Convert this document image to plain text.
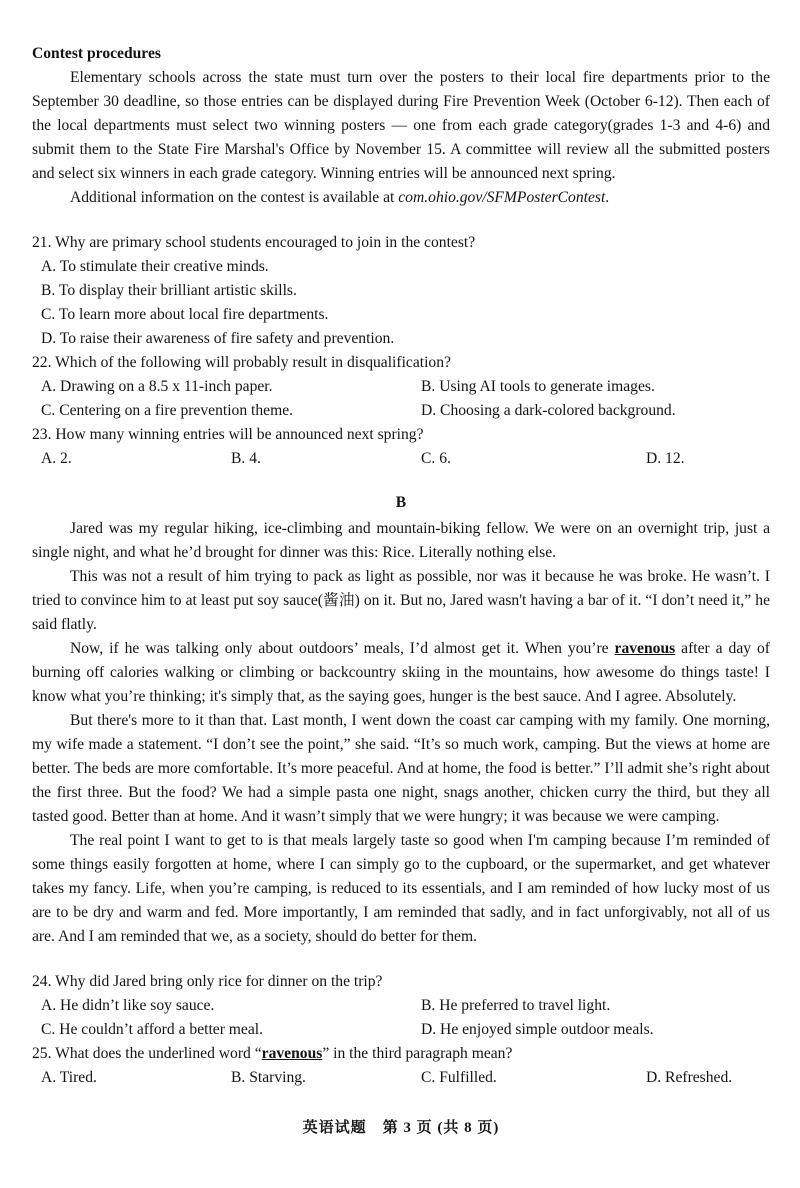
Contest procedures

Elementary schools across the state must turn over the posters to their local fire departments prior to the September 30 deadline, so those entries can be displayed during Fire Prevention Week (October 6-12). Then each of the local departments must select two winning posters — one from each grade category(grades 1-3 and 4-6) and submit them to the State Fire Marshal's Office by November 15. A committee will review all the submitted posters and select six winners in each grade category. Winning entries will be announced next spring.

Additional information on the contest is available at com.ohio.gov/SFMPosterContest.

21. Why are primary school students encouraged to join in the contest?

A. To stimulate their creative minds.
B. To display their brilliant artistic skills.
C. To learn more about local fire departments.
D. To raise their awareness of fire safety and prevention.

22. Which of the following will probably result in disqualification?

A. Drawing on a 8.5 x 11-inch paper.	B. Using AI tools to generate images.
C. Centering on a fire prevention theme.	D. Choosing a dark-colored background.

23. How many winning entries will be announced next spring?

A. 2.	B. 4.	C. 6.	D. 12.

B

Jared was my regular hiking, ice-climbing and mountain-biking fellow. We were on an overnight trip, just a single night, and what he’d brought for dinner was this: Rice. Literally nothing else.

This was not a result of him trying to pack as light as possible, nor was it because he was broke. He wasn’t. I tried to convince him to at least put soy sauce(酱油) on it. But no, Jared wasn't having a bar of it. “I don’t need it,” he said flatly.

Now, if he was talking only about outdoors’ meals, I’d almost get it. When you’re ravenous after a day of burning off calories walking or climbing or backcountry skiing in the mountains, how awesome do things taste! I know what you’re thinking; it's simply that, as the saying goes, hunger is the best sauce. And I agree. Absolutely.

But there's more to it than that. Last month, I went down the coast car camping with my family. One morning, my wife made a statement. “I don’t see the point,” she said. “It’s so much work, camping. But the views at home are better. The beds are more comfortable. It’s more peaceful. And at home, the food is better.” I’ll admit she’s right about the first three. But the food? We had a simple pasta one night, snags another, chicken curry the third, but they all tasted good. Better than at home. And it wasn’t simply that we were hungry; it was because we were camping.

The real point I want to get to is that meals largely taste so good when I'm camping because I’m reminded of some things easily forgotten at home, where I can simply go to the cupboard, or the supermarket, and get whatever takes my fancy. Life, when you’re camping, is reduced to its essentials, and I am reminded of how lucky most of us are to be dry and warm and fed. More importantly, I am reminded that sadly, and in fact unforgivably, not all of us are. And I am reminded that we, as a society, should do better for them.

24. Why did Jared bring only rice for dinner on the trip?

A. He didn’t like soy sauce.	B. He preferred to travel light.
C. He couldn’t afford a better meal.	D. He enjoyed simple outdoor meals.

25. What does the underlined word “ravenous” in the third paragraph mean?

A. Tired.	B. Starving.	C. Fulfilled.	D. Refreshed.
英语试题　第 3 页 (共 8 页)
